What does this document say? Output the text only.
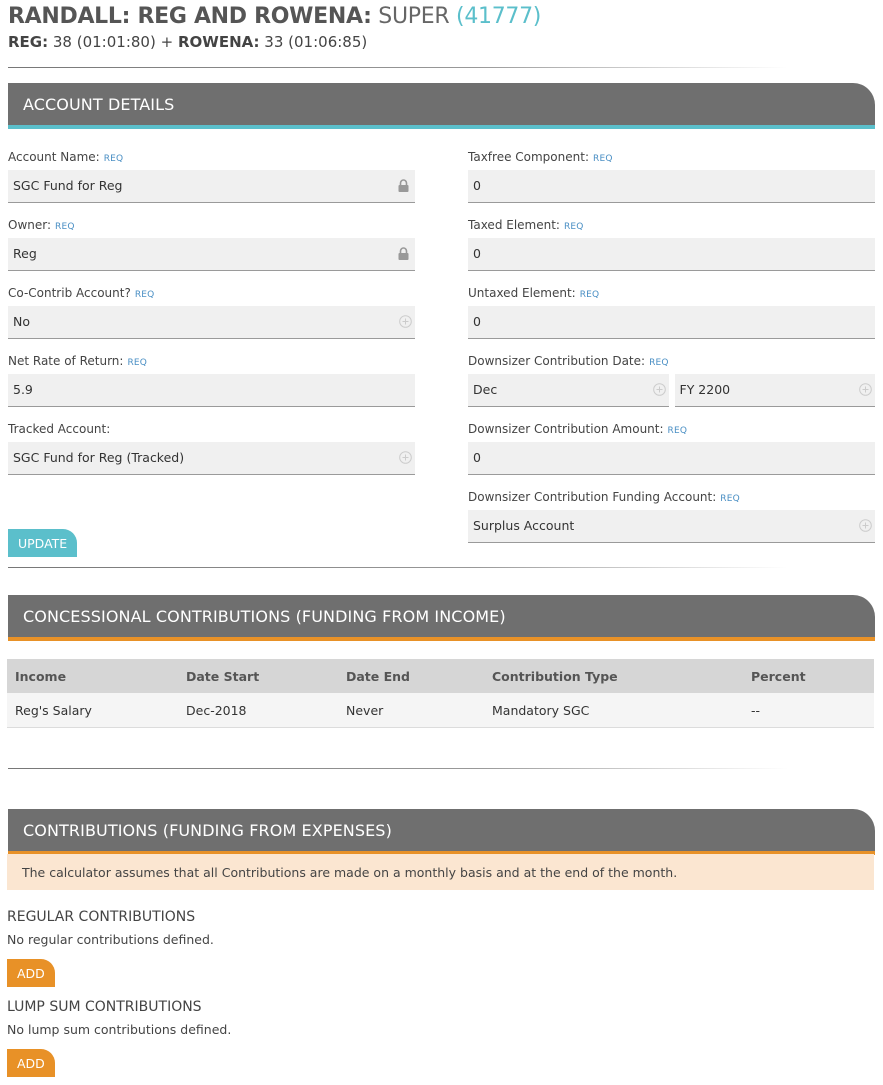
RANDALL: REG AND ROWENA: SUPER (41777)
REG: 38 (01:01:80) + ROWENA: 33 (01:06:85)
ACCOUNT DETAILS
Account Name: REQ
SGC Fund for Reg
Owner: REQ
Reg
Co-Contrib Account? REQ
No
Net Rate of Return: REQ
5.9
Tracked Account:
SGC Fund for Reg (Tracked)
Taxfree Component: REQ
0
Taxed Element: REQ
0
Untaxed Element: REQ
0
Downsizer Contribution Date: REQ
Dec	FY 2200
Downsizer Contribution Amount: REQ
0
Downsizer Contribution Funding Account: REQ
Surplus Account
UPDATE
CONCESSIONAL CONTRIBUTIONS (FUNDING FROM INCOME)
Income	Date Start	Date End	Contribution Type	Percent
Reg's Salary	Dec-2018	Never	Mandatory SGC	--
CONTRIBUTIONS (FUNDING FROM EXPENSES)
The calculator assumes that all Contributions are made on a monthly basis and at the end of the month.
REGULAR CONTRIBUTIONS
No regular contributions defined.
ADD
LUMP SUM CONTRIBUTIONS
No lump sum contributions defined.
ADD
